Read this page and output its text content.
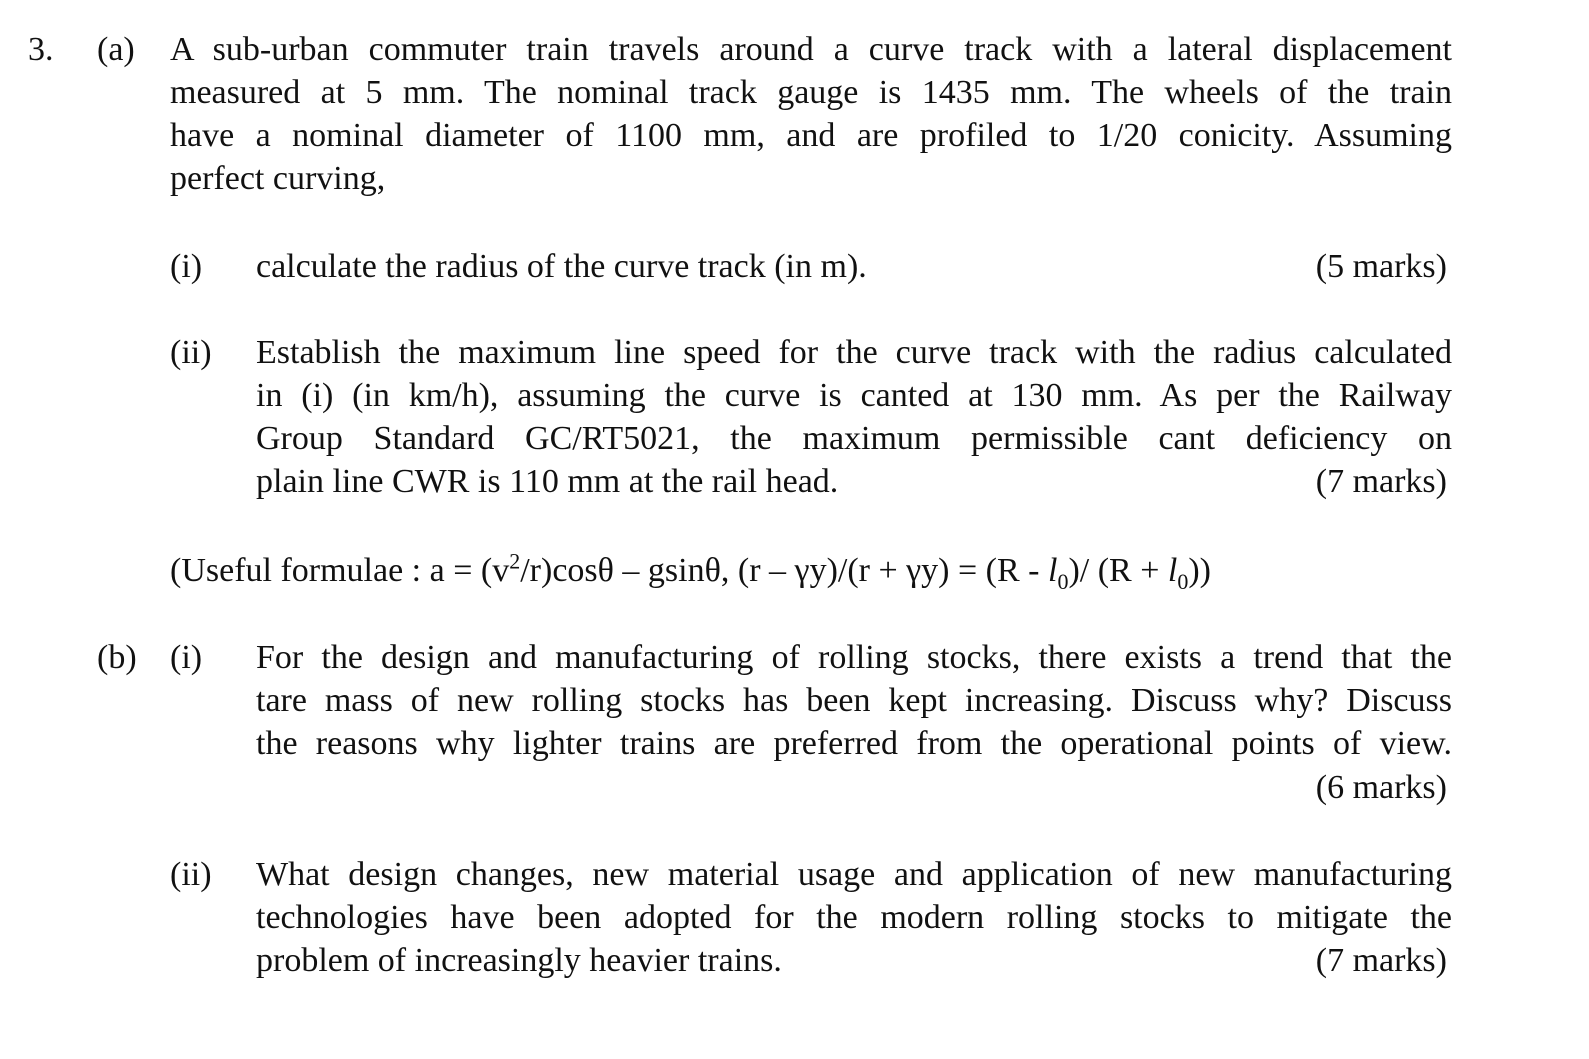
3. (a) A sub-urban commuter train travels around a curve track with a lateral displacement
measured at 5 mm. The nominal track gauge is 1435 mm. The wheels of the train
have a nominal diameter of 1100 mm, and are profiled to 1/20 conicity. Assuming
perfect curving,
(i) calculate the radius of the curve track (in m).	(5 marks)
(ii) Establish the maximum line speed for the curve track with the radius calculated
in (i) (in km/h), assuming the curve is canted at 130 mm. As per the Railway
Group Standard GC/RT5021, the maximum permissible cant deficiency on
plain line CWR is 110 mm at the rail head.	(7 marks)
(Useful formulae : $a = (v^2/r)\cos\theta - gsin\theta$, $(r - \gamma y)/(r + \gamma y) = (R - l_0)/$ $(R + l_0)$)
(b) (i) For the design and manufacturing of rolling stocks, there exists a trend that the
tare mass of new rolling stocks has been kept increasing. Discuss why? Discuss
the reasons why lighter trains are preferred from the operational points of view.
(6 marks)
(ii) What design changes, new material usage and application of new manufacturing
technologies have been adopted for the modern rolling stocks to mitigate the
problem of increasingly heavier trains.	(7 marks)
